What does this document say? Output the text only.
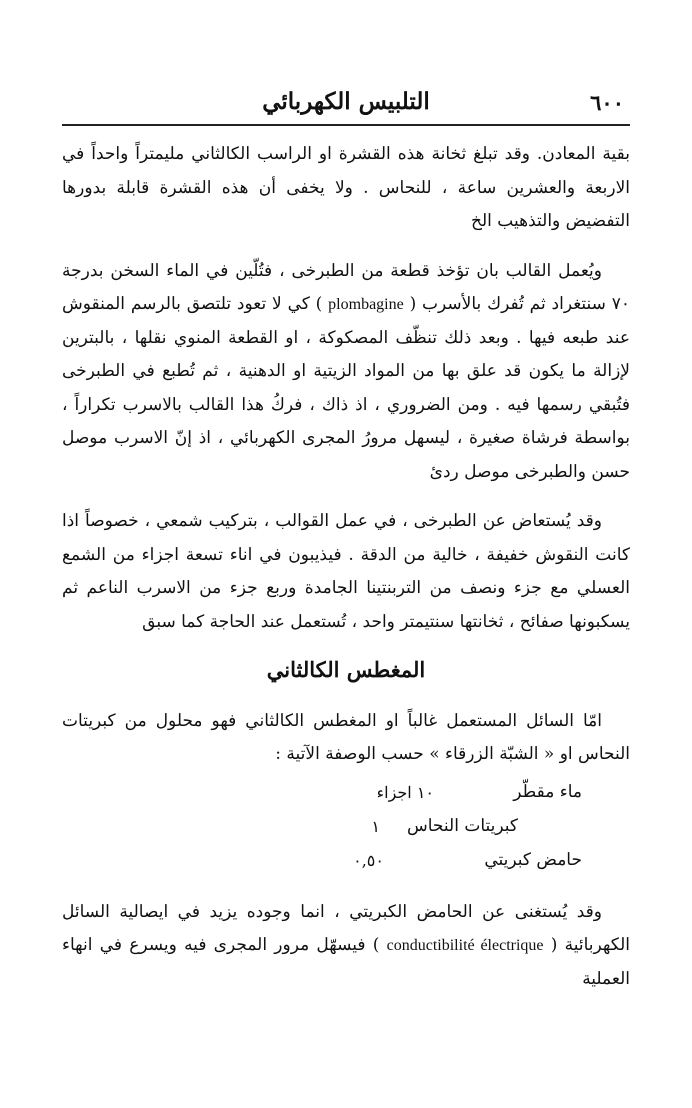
٦٠٠
التلبيس الكهربائي

بقية المعادن. وقد تبلغ ثخانة هذه القشرة او الراسب الكالثاني مليمتراً واحداً في الاربعة والعشرين ساعة ، للنحاس . ولا يخفى أن هذه القشرة قابلة بدورها التفضيض والتذهيب الخ

ويُعمل القالب بان تؤخذ قطعة من الطبرخى ، فتُلّين في الماء السخن بدرجة ٧٠ سنتغراد ثم تُفرك بالأسرب ( plombagine ) كي لا تعود تلتصق بالرسم المنقوش عند طبعه فيها . وبعد ذلك تنظّف المصكوكة ، او القطعة المنوي نقلها ، بالبترين لإزالة ما يكون قد علق بها من المواد الزيتية او الدهنية ، ثم تُطبع في الطبرخى فتُبقي رسمها فيه . ومن الضروري ، اذ ذاك ، فركُ هذا القالب بالاسرب تكراراً ، بواسطة فرشاة صغيرة ، ليسهل مرورُ المجرى الكهربائي ، اذ إنّ الاسرب موصل حسن والطبرخى موصل ردئ

وقد يُستعاض عن الطبرخى ، في عمل القوالب ، بتركيب شمعي ، خصوصاً اذا كانت النقوش خفيفة ، خالية من الدقة . فيذيبون في اناء تسعة اجزاء من الشمع العسلي مع جزء ونصف من التربنتينا الجامدة وربع جزء من الاسرب الناعم ثم يسكبونها صفائح ، ثخانتها سنتيمتر واحد ، تُستعمل عند الحاجة كما سبق

المغطس الكالثاني

امّا السائل المستعمل غالباً او المغطس الكالثاني فهو محلول من كبريتات النحاس او « الشبّة الزرقاء » حسب الوصفة الآتية :

ماء مقطّر
١٠ اجزاء
كبريتات النحاس
١
حامض كبريتي
٠,٥٠

وقد يُستغنى عن الحامض الكبريتي ، انما وجوده يزيد في ايصالية السائل الكهربائية ( conductibilité électrique ) فيسهّل مرور المجرى فيه ويسرع في انهاء العملية
